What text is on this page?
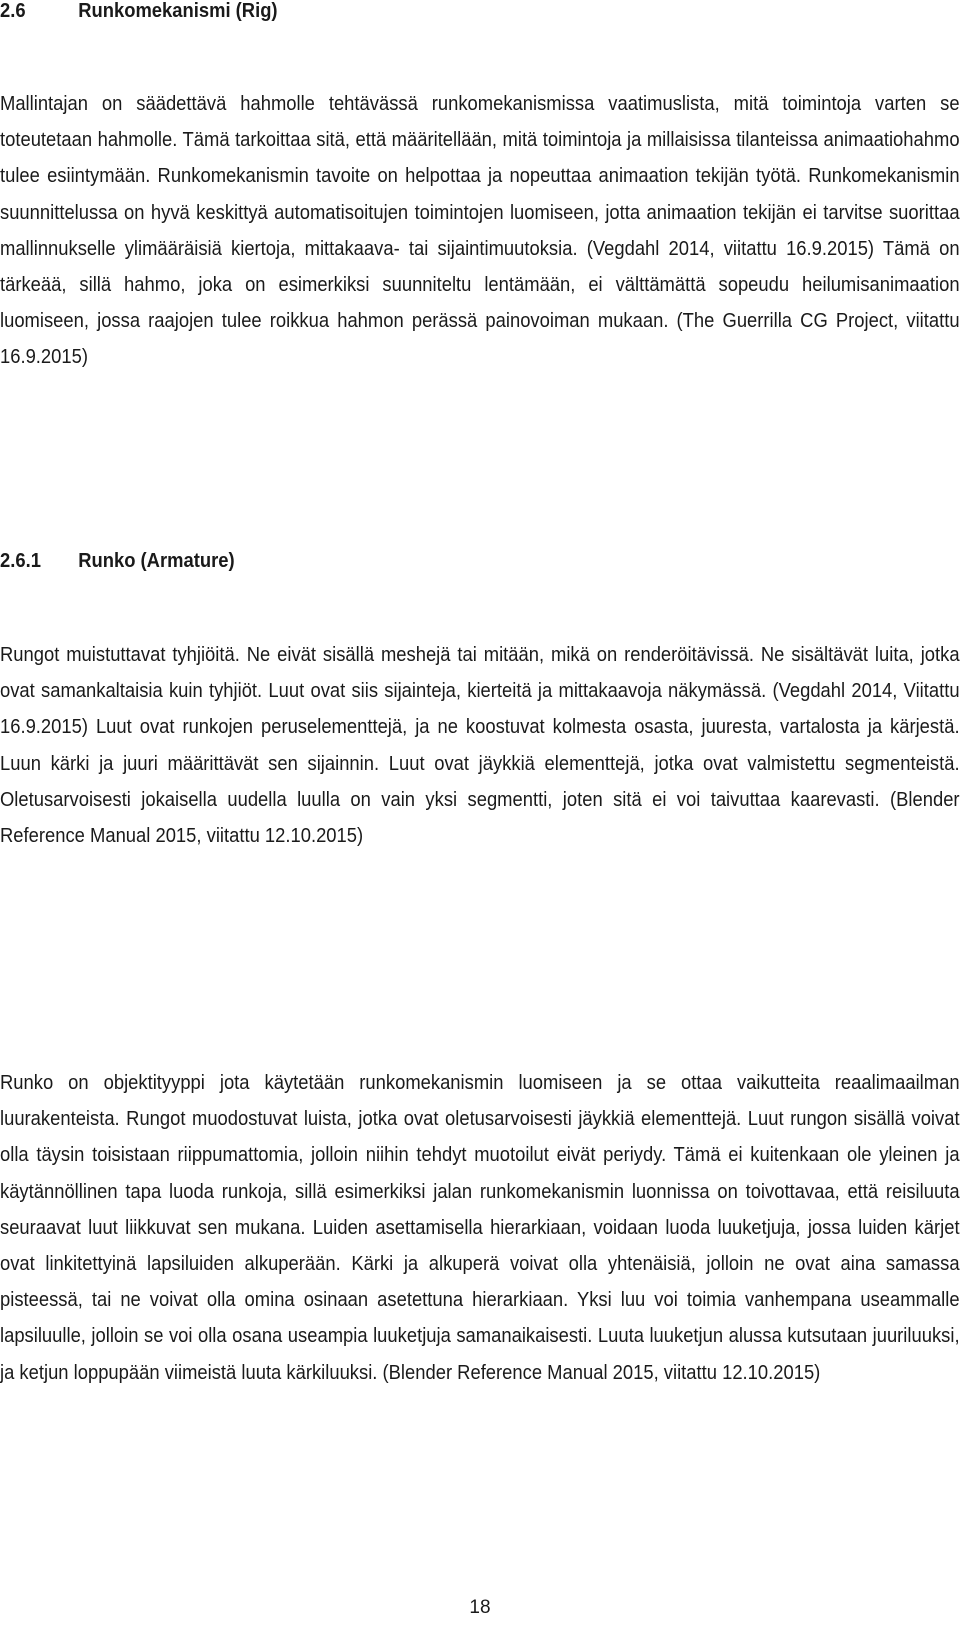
2.6	Runkomekanismi (Rig)

Mallintajan on säädettävä hahmolle tehtävässä runkomekanismissa vaatimuslista, mitä toimintoja varten se toteutetaan hahmolle. Tämä tarkoittaa sitä, että määritellään, mitä toimintoja ja millaisissa tilanteissa animaatiohahmo tulee esiintymään. Runkomekanismin tavoite on helpottaa ja nopeuttaa animaation tekijän työtä. Runkomekanismin suunnittelussa on hyvä keskittyä automatisoitujen toimintojen luomiseen, jotta animaation tekijän ei tarvitse suorittaa mallinnukselle ylimääräisiä kiertoja, mittakaava- tai sijaintimuutoksia. (Vegdahl 2014, viitattu 16.9.2015) Tämä on tärkeää, sillä hahmo, joka on esimerkiksi suunniteltu lentämään, ei välttämättä sopeudu heilumisanimaation luomiseen, jossa raajojen tulee roikkua hahmon perässä painovoiman mukaan. (The Guerrilla CG Project, viitattu 16.9.2015)

2.6.1 Runko (Armature)

Rungot muistuttavat tyhjiöitä. Ne eivät sisällä meshejä tai mitään, mikä on renderöitävissä. Ne sisältävät luita, jotka ovat samankaltaisia kuin tyhjiöt. Luut ovat siis sijainteja, kierteitä ja mittakaavoja näkymässä. (Vegdahl 2014, Viitattu 16.9.2015) Luut ovat runkojen peruselementtejä, ja ne koostuvat kolmesta osasta, juuresta, vartalosta ja kärjestä. Luun kärki ja juuri määrittävät sen sijainnin. Luut ovat jäykkiä elementtejä, jotka ovat valmistettu segmenteistä. Oletusarvoisesti jokaisella uudella luulla on vain yksi segmentti, joten sitä ei voi taivuttaa kaarevasti. (Blender Reference Manual 2015, viitattu 12.10.2015)

Runko on objektityyppi jota käytetään runkomekanismin luomiseen ja se ottaa vaikutteita reaalimaailman luurakenteista. Rungot muodostuvat luista, jotka ovat oletusarvoisesti jäykkiä elementtejä. Luut rungon sisällä voivat olla täysin toisistaan riippumattomia, jolloin niihin tehdyt muotoilut eivät periydy. Tämä ei kuitenkaan ole yleinen ja käytännöllinen tapa luoda runkoja, sillä esimerkiksi jalan runkomekanismin luonnissa on toivottavaa, että reisiluuta seuraavat luut liikkuvat sen mukana. Luiden asettamisella hierarkiaan, voidaan luoda luuketjuja, jossa luiden kärjet ovat linkitettyinä lapsiluiden alkuperään. Kärki ja alkuperä voivat olla yhtenäisiä, jolloin ne ovat aina samassa pisteessä, tai ne voivat olla omina osinaan asetettuna hierarkiaan. Yksi luu voi toimia vanhempana useammalle lapsiluulle, jolloin se voi olla osana useampia luuketjuja samanaikaisesti. Luuta luuketjun alussa kutsutaan juuriluuksi, ja ketjun loppupään viimeistä luuta kärkiluuksi. (Blender Reference Manual 2015, viitattu 12.10.2015)

18
